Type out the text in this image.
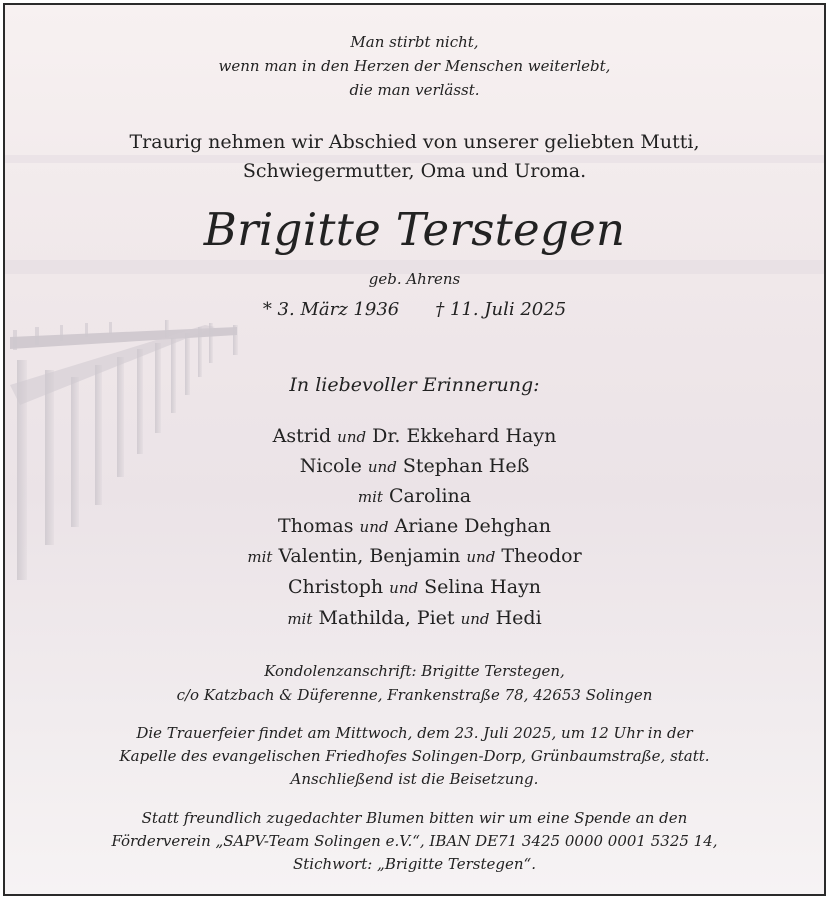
Man stirbt nicht,
wenn man in den Herzen der Menschen weiterlebt,
die man verlässt.
Traurig nehmen wir Abschied von unserer geliebten Mutti,
Schwiegermutter, Oma und Uroma.
Brigitte Terstegen
geb. Ahrens
* 3. März 1936 † 11. Juli 2025
In liebevoller Erinnerung:
Astrid und Dr. Ekkehard Hayn
Nicole und Stephan Heß
mit Carolina
Thomas und Ariane Dehghan
mit Valentin, Benjamin und Theodor
Christoph und Selina Hayn
mit Mathilda, Piet und Hedi
Kondolenzanschrift: Brigitte Terstegen,
c/o Katzbach & Düferenne, Frankenstraße 78, 42653 Solingen
Die Trauerfeier findet am Mittwoch, dem 23. Juli 2025, um 12 Uhr in der
Kapelle des evangelischen Friedhofes Solingen-Dorp, Grünbaumstraße, statt.
Anschließend ist die Beisetzung.
Statt freundlich zugedachter Blumen bitten wir um eine Spende an den
Förderverein „SAPV-Team Solingen e.V.“, IBAN DE71 3425 0000 0001 5325 14,
Stichwort: „Brigitte Terstegen“.
